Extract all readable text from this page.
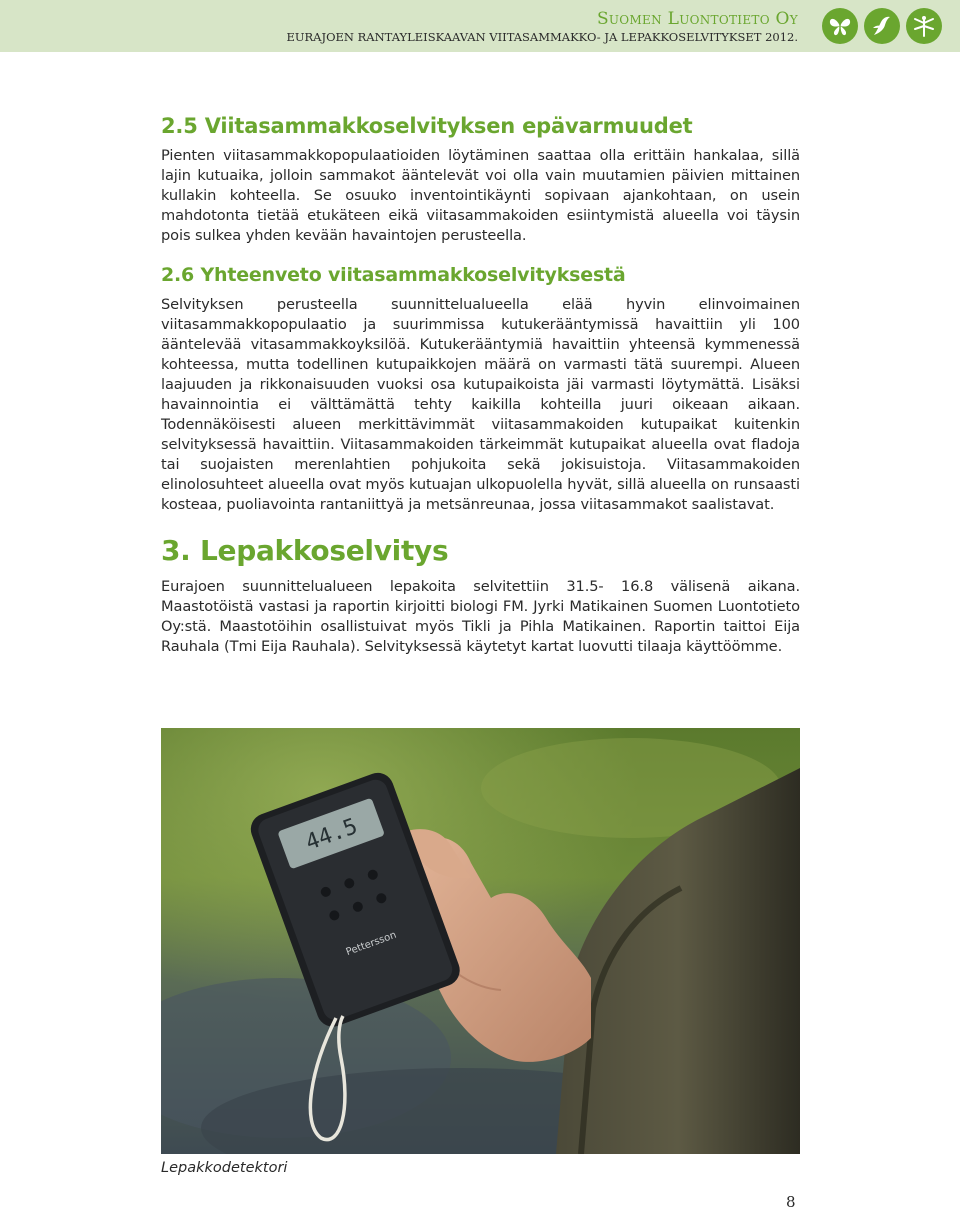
Suomen Luontotieto Oy
EURAJOEN RANTAYLEISKAAVAN VIITASAMMAKKO- JA LEPAKKOSELVITYKSET 2012.
2.5 Viitasammakkoselvityksen epävarmuudet

Pienten viitasammakkopopulaatioiden löytäminen saattaa olla erittäin hankalaa, sillä lajin kutuaika, jolloin sammakot ääntelevät voi olla vain muutamien päivien mittainen kullakin kohteella. Se osuuko inventointikäynti sopivaan ajankohtaan, on usein mahdotonta tietää etukäteen eikä viitasammakoiden esiintymistä alueella voi täysin pois sulkea yhden kevään havaintojen perusteella.

2.6 Yhteenveto viitasammakkoselvityksestä

Selvityksen perusteella suunnittelualueella elää hyvin elinvoimainen viitasammakkopopulaatio ja suurimmissa kutukerääntymissä havaittiin yli 100 ääntelevää vitasammakkoyksilöä. Kutukerääntymiä havaittiin yhteensä kymmenessä kohteessa, mutta todellinen kutupaikkojen määrä on varmasti tätä suurempi. Alueen laajuuden ja rikkonaisuuden vuoksi osa kutupaikoista jäi varmasti löytymättä. Lisäksi havainnointia ei välttämättä tehty kaikilla kohteilla juuri oikeaan aikaan. Todennäköisesti alueen merkittävimmät viitasammakoiden kutupaikat kuitenkin selvityksessä havaittiin. Viitasammakoiden tärkeimmät kutupaikat alueella ovat fladoja tai suojaisten merenlahtien pohjukoita sekä jokisuistoja. Viitasammakoiden elinolosuhteet alueella ovat myös kutuajan ulkopuolella hyvät, sillä alueella on runsaasti kosteaa, puoliavointa rantaniittyä ja metsänreunaa, jossa viitasammakot saalistavat.

3. Lepakkoselvitys

Eurajoen suunnittelualueen lepakoita selvitettiin 31.5- 16.8 välisenä aikana. Maastotöistä vastasi ja raportin kirjoitti biologi FM. Jyrki Matikainen Suomen Luontotieto Oy:stä. Maastotöihin osallistuivat myös Tikli ja Pihla Matikainen. Raportin taittoi Eija Rauhala (Tmi Eija Rauhala). Selvityksessä käytetyt kartat luovutti tilaaja käyttöömme.

44.5
Pettersson
Lepakkodetektori
8
